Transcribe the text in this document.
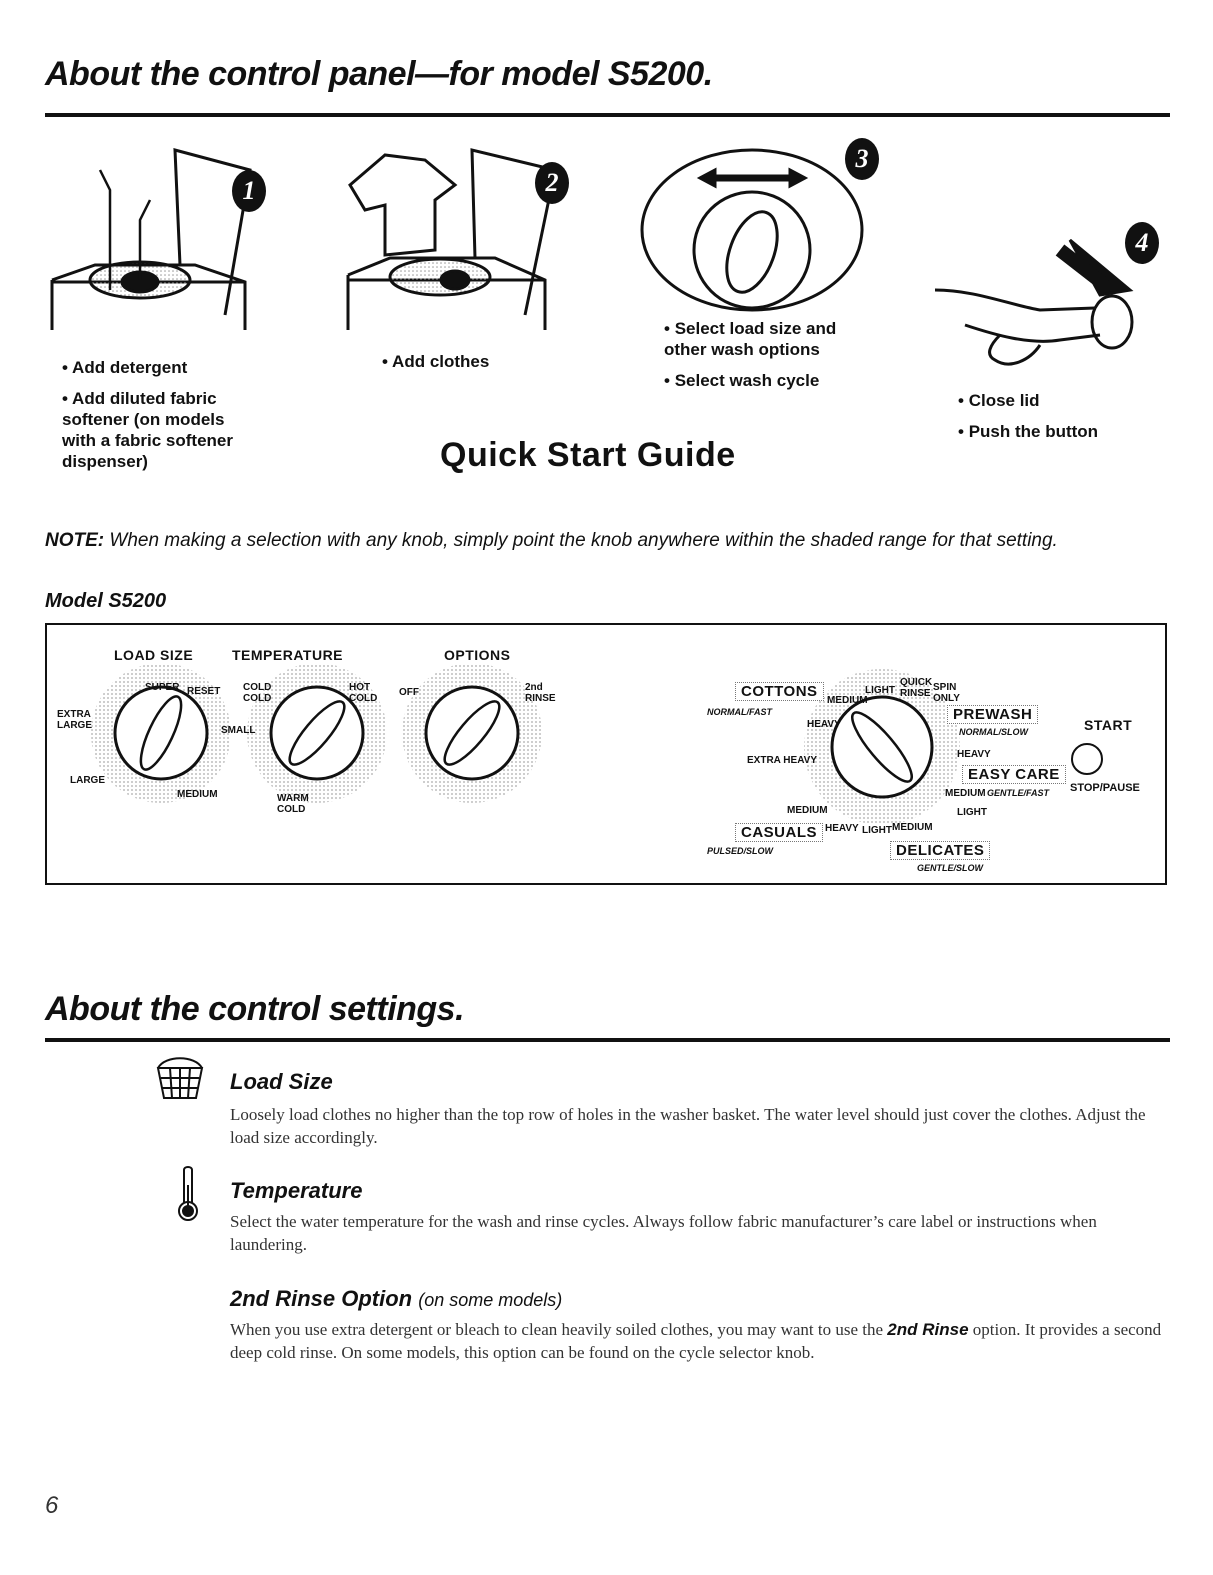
About the control panel—for model S5200.
1	2
3
4
• Add detergent
• Add diluted fabric softener (on models with a fabric softener dispenser)
• Add clothes
• Select load size and other wash options
• Select wash cycle
• Close lid
• Push the button
Quick Start Guide
NOTE: When making a selection with any knob, simply point the knob anywhere within the shaded range for that setting.
Model S5200
LOAD SIZE	TEMPERATURE	OPTIONS
START
STOP/PAUSE
SUPER RESET
EXTRA LARGE	SMALL
LARGE
MEDIUM
COLD COLD
HOT COLD
WARM COLD
OFF	2nd RINSE	COTTONS
NORMAL/FAST	PREWASH
NORMAL/SLOW
EASY CARE
GENTLE/FAST
CASUALS
PULSED/SLOW	DELICATES
GENTLE/SLOW
MEDIUM
LIGHT
QUICK RINSE
SPIN ONLY
HEAVY
EXTRA HEAVY
MEDIUM
HEAVY
MEDIUM
LIGHT
HEAVY LIGHT MEDIUM
About the control settings.
Load Size
Loosely load clothes no higher than the top row of holes in the washer basket. The water level should just cover the clothes. Adjust the load size accordingly.
Temperature
Select the water temperature for the wash and rinse cycles. Always follow fabric manufacturer’s care label or instructions when laundering.
2nd Rinse Option (on some models)
When you use extra detergent or bleach to clean heavily soiled clothes, you may want to use the 2nd Rinse option. It provides a second deep cold rinse. On some models, this option can be found on the cycle selector knob.
6
